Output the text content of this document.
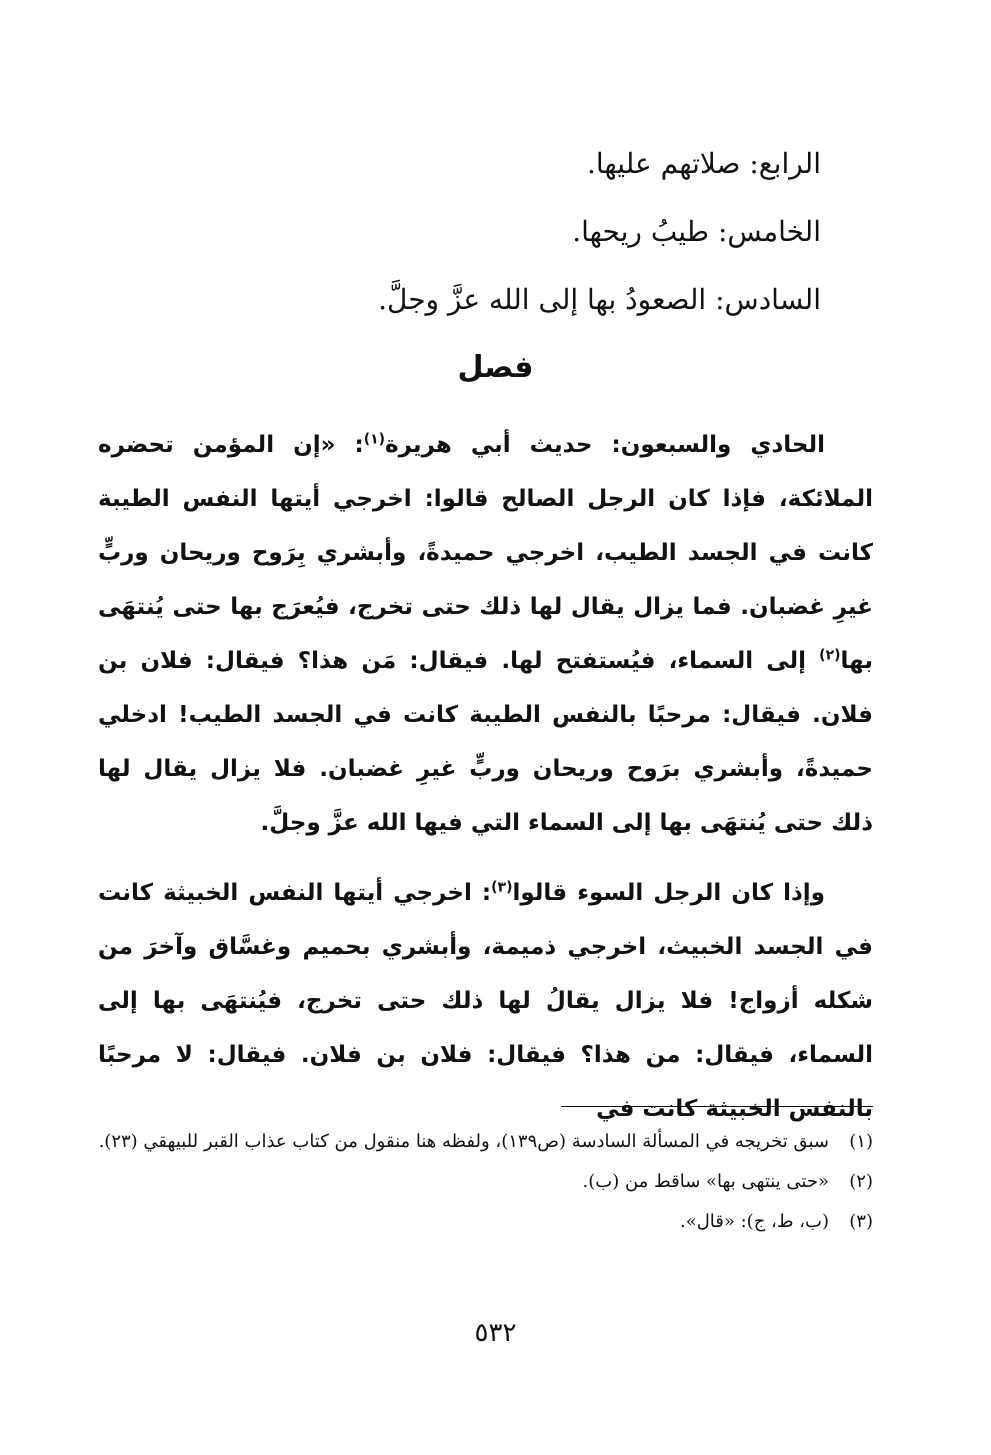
الرابع: صلاتهم عليها.
الخامس: طيبُ ريحها.
السادس: الصعودُ بها إلى الله عزَّ وجلَّ.
فصل

الحادي والسبعون: حديث أبي هريرة$^{(١)}$: «إن المؤمن تحضره الملائكة، فإذا كان الرجل الصالح قالوا: اخرجي أيتها النفس الطيبة كانت في الجسد الطيب، اخرجي حميدةً، وأبشري بِرَوح وريحان وربٍّ غيرِ غضبان. فما يزال يقال لها ذلك حتى تخرج، فيُعرَج بها حتى يُنتهَى بها$^{(٢)}$ إلى السماء، فيُستفتح لها. فيقال: مَن هذا؟ فيقال: فلان بن فلان. فيقال: مرحبًا بالنفس الطيبة كانت في الجسد الطيب! ادخلي حميدةً، وأبشري برَوح وريحان وربٍّ غيرِ غضبان. فلا يزال يقال لها ذلك حتى يُنتهَى بها إلى السماء التي فيها الله عزَّ وجلَّ.

وإذا كان الرجل السوء قالوا$^{(٣)}$: اخرجي أيتها النفس الخبيثة كانت في الجسد الخبيث، اخرجي ذميمة، وأبشري بحميم وغسَّاق وآخرَ من شكله أزواج! فلا يزال يقالُ لها ذلك حتى تخرج، فيُنتهَى بها إلى السماء، فيقال: من هذا؟ فيقال: فلان بن فلان. فيقال: لا مرحبًا بالنفس الخبيثة كانت في

(١)
سبق تخريجه في المسألة السادسة (ص١٣٩)، ولفظه هنا منقول من كتاب عذاب القبر للبيهقي (٢٣).
(٢)
«حتى ينتهى بها» ساقط من (ب).
(٣)
(ب، ط، ج): «قال».
٥٣٢
